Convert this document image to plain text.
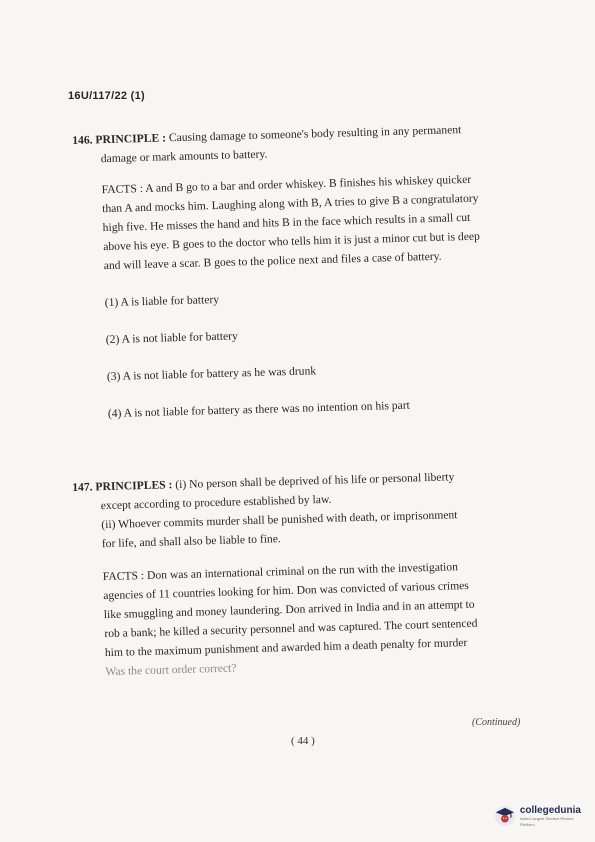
16U/117/22 (1)
146. PRINCIPLE : Causing damage to someone's body resulting in any permanent
damage or mark amounts to battery.
FACTS : A and B go to a bar and order whiskey. B finishes his whiskey quicker
than A and mocks him. Laughing along with B, A tries to give B a congratulatory
high five. He misses the hand and hits B in the face which results in a small cut
above his eye. B goes to the doctor who tells him it is just a minor cut but is deep
and will leave a scar. B goes to the police next and files a case of battery.
(1) A is liable for battery
(2) A is not liable for battery
(3) A is not liable for battery as he was drunk
(4) A is not liable for battery as there was no intention on his part
147. PRINCIPLES : (i) No person shall be deprived of his life or personal liberty
except according to procedure established by law.
(ii) Whoever commits murder shall be punished with death, or imprisonment
for life, and shall also be liable to fine.
FACTS : Don was an international criminal on the run with the investigation
agencies of 11 countries looking for him. Don was convicted of various crimes
like smuggling and money laundering. Don arrived in India and in an attempt to
rob a bank; he killed a security personnel and was captured. The court sentenced
him to the maximum punishment and awarded him a death penalty for murder
Was the court order correct?
(Continued)
( 44 )
collegedunia
India's largest Student Review Platform
